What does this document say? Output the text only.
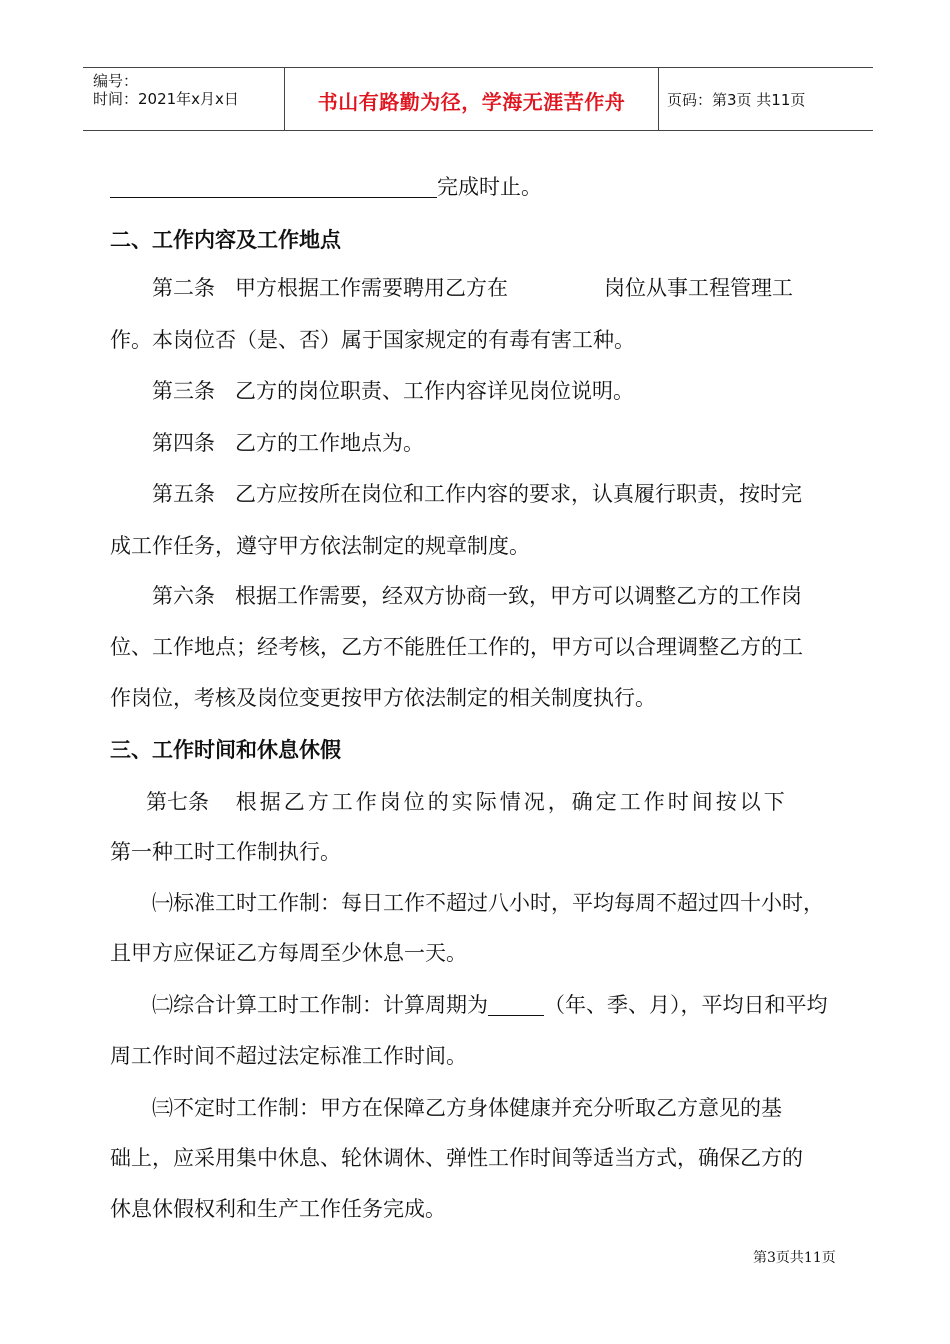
编号：
时间：2021年x月x日	书山有路勤为径，学海无涯苦作舟	页码：第3页 共11页
完成时止。
二、工作内容及工作地点
第二条 甲方根据工作需要聘用乙方在	岗位从事工程管理工
作。本岗位否（是、否）属于国家规定的有毒有害工种。
第三条 乙方的岗位职责、工作内容详见岗位说明。
第四条 乙方的工作地点为。
第五条 乙方应按所在岗位和工作内容的要求，认真履行职责，按时完
成工作任务，遵守甲方依法制定的规章制度。
第六条 根据工作需要，经双方协商一致，甲方可以调整乙方的工作岗
位、工作地点；经考核，乙方不能胜任工作的，甲方可以合理调整乙方的工
作岗位，考核及岗位变更按甲方依法制定的相关制度执行。
三、工作时间和休息休假
第七条 根据乙方工作岗位的实际情况，确定工作时间按以下
第一种工时工作制执行。
㈠标准工时工作制：每日工作不超过八小时，平均每周不超过四十小时，
且甲方应保证乙方每周至少休息一天。
㈡综合计算工时工作制：计算周期为	（年、季、月），平均日和平均
周工作时间不超过法定标准工作时间。
㈢不定时工作制：甲方在保障乙方身体健康并充分听取乙方意见的基
础上，应采用集中休息、轮休调休、弹性工作时间等适当方式，确保乙方的
休息休假权利和生产工作任务完成。
第3页共11页
